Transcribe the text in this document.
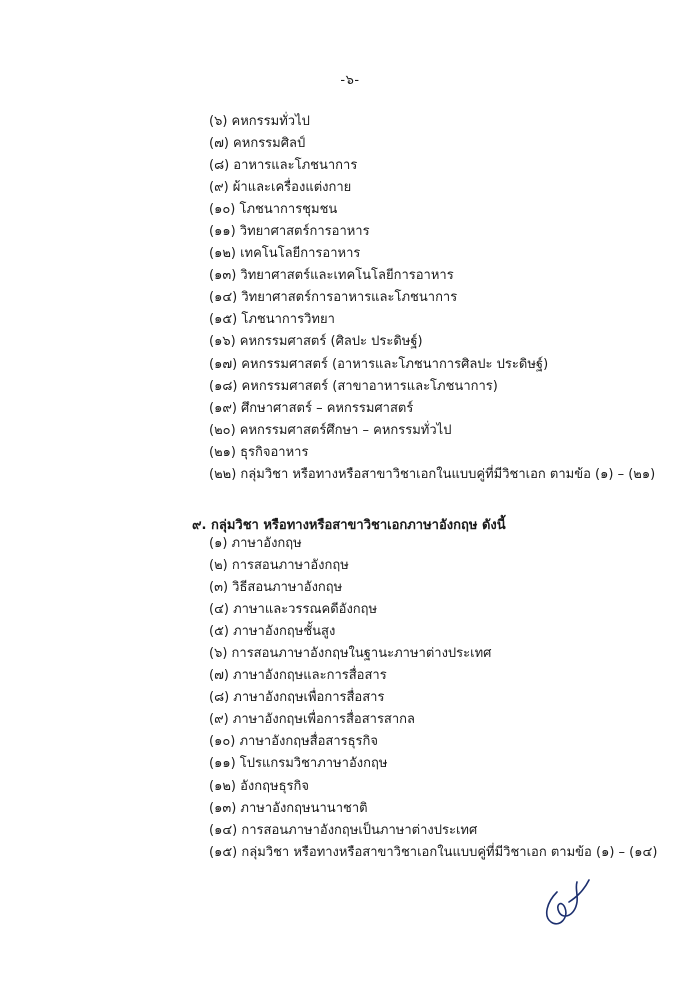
-๖-
(๖) คหกรรมทั่วไป
(๗) คหกรรมศิลป์
(๘) อาหารและโภชนาการ
(๙) ผ้าและเครื่องแต่งกาย
(๑๐) โภชนาการชุมชน
(๑๑) วิทยาศาสตร์การอาหาร
(๑๒) เทคโนโลยีการอาหาร
(๑๓) วิทยาศาสตร์และเทคโนโลยีการอาหาร
(๑๔) วิทยาศาสตร์การอาหารและโภชนาการ
(๑๕) โภชนาการวิทยา
(๑๖) คหกรรมศาสตร์ (ศิลปะ ประดิษฐ์)
(๑๗) คหกรรมศาสตร์ (อาหารและโภชนาการศิลปะ ประดิษฐ์)
(๑๘) คหกรรมศาสตร์ (สาขาอาหารและโภชนาการ)
(๑๙) ศึกษาศาสตร์ – คหกรรมศาสตร์
(๒๐) คหกรรมศาสตร์ศึกษา – คหกรรมทั่วไป
(๒๑) ธุรกิจอาหาร
(๒๒) กลุ่มวิชา หรือทางหรือสาขาวิชาเอกในแบบคู่ที่มีวิชาเอก ตามข้อ (๑) – (๒๑)
๙. กลุ่มวิชา หรือทางหรือสาขาวิชาเอกภาษาอังกฤษ ดังนี้
(๑) ภาษาอังกฤษ
(๒) การสอนภาษาอังกฤษ
(๓) วิธีสอนภาษาอังกฤษ
(๔) ภาษาและวรรณคดีอังกฤษ
(๕) ภาษาอังกฤษชั้นสูง
(๖) การสอนภาษาอังกฤษในฐานะภาษาต่างประเทศ
(๗) ภาษาอังกฤษและการสื่อสาร
(๘) ภาษาอังกฤษเพื่อการสื่อสาร
(๙) ภาษาอังกฤษเพื่อการสื่อสารสากล
(๑๐) ภาษาอังกฤษสื่อสารธุรกิจ
(๑๑) โปรแกรมวิชาภาษาอังกฤษ
(๑๒) อังกฤษธุรกิจ
(๑๓) ภาษาอังกฤษนานาชาติ
(๑๔) การสอนภาษาอังกฤษเป็นภาษาต่างประเทศ
(๑๕) กลุ่มวิชา หรือทางหรือสาขาวิชาเอกในแบบคู่ที่มีวิชาเอก ตามข้อ (๑) – (๑๔)
